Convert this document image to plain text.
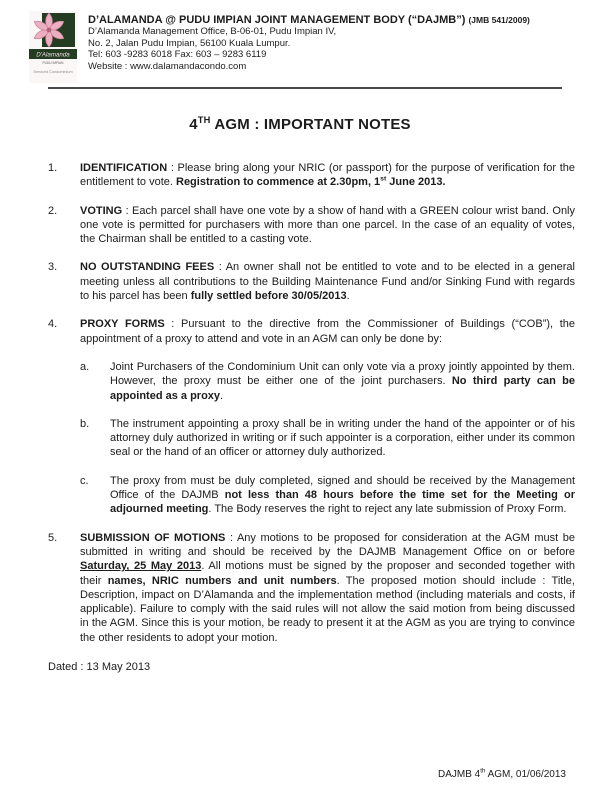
D'Alamanda
PUDU IMPIAN
Serviced Condominium
D’ALAMANDA @ PUDU IMPIAN JOINT MANAGEMENT BODY (“DAJMB”) (JMB 541/2009)
D’Alamanda Management Office, B-06-01, Pudu Impian IV,
No. 2, Jalan Pudu Impian, 56100 Kuala Lumpur.
Tel: 603 -9283 6018 Fax: 603 – 9283 6119
Website : www.dalamandacondo.com
4TH AGM : IMPORTANT NOTES
1.	IDENTIFICATION : Please bring along your NRIC (or passport) for the purpose of verification for the entitlement to vote. Registration to commence at 2.30pm, 1st June 2013.
2.	VOTING : Each parcel shall have one vote by a show of hand with a GREEN colour wrist band. Only one vote is permitted for purchasers with more than one parcel. In the case of an equality of votes, the Chairman shall be entitled to a casting vote.
3.	NO OUTSTANDING FEES : An owner shall not be entitled to vote and to be elected in a general meeting unless all contributions to the Building Maintenance Fund and/or Sinking Fund with regards to his parcel has been fully settled before 30/05/2013.
4.	PROXY FORMS : Pursuant to the directive from the Commissioner of Buildings (“COB”), the appointment of a proxy to attend and vote in an AGM can only be done by:
a.	Joint Purchasers of the Condominium Unit can only vote via a proxy jointly appointed by them. However, the proxy must be either one of the joint purchasers. No third party can be appointed as a proxy.
b.	The instrument appointing a proxy shall be in writing under the hand of the appointer or of his attorney duly authorized in writing or if such appointer is a corporation, either under its common seal or the hand of an officer or attorney duly authorized.
c.	The proxy from must be duly completed, signed and should be received by the Management Office of the DAJMB not less than 48 hours before the time set for the Meeting or adjourned meeting. The Body reserves the right to reject any late submission of Proxy Form.
5.	SUBMISSION OF MOTIONS : Any motions to be proposed for consideration at the AGM must be submitted in writing and should be received by the DAJMB Management Office on or before Saturday, 25 May 2013. All motions must be signed by the proposer and seconded together with their names, NRIC numbers and unit numbers. The proposed motion should include : Title, Description, impact on D’Alamanda and the implementation method (including materials and costs, if applicable). Failure to comply with the said rules will not allow the said motion from being discussed in the AGM. Since this is your motion, be ready to present it at the AGM as you are trying to convince the other residents to adopt your motion.
Dated : 13 May 2013
DAJMB 4th AGM, 01/06/2013
